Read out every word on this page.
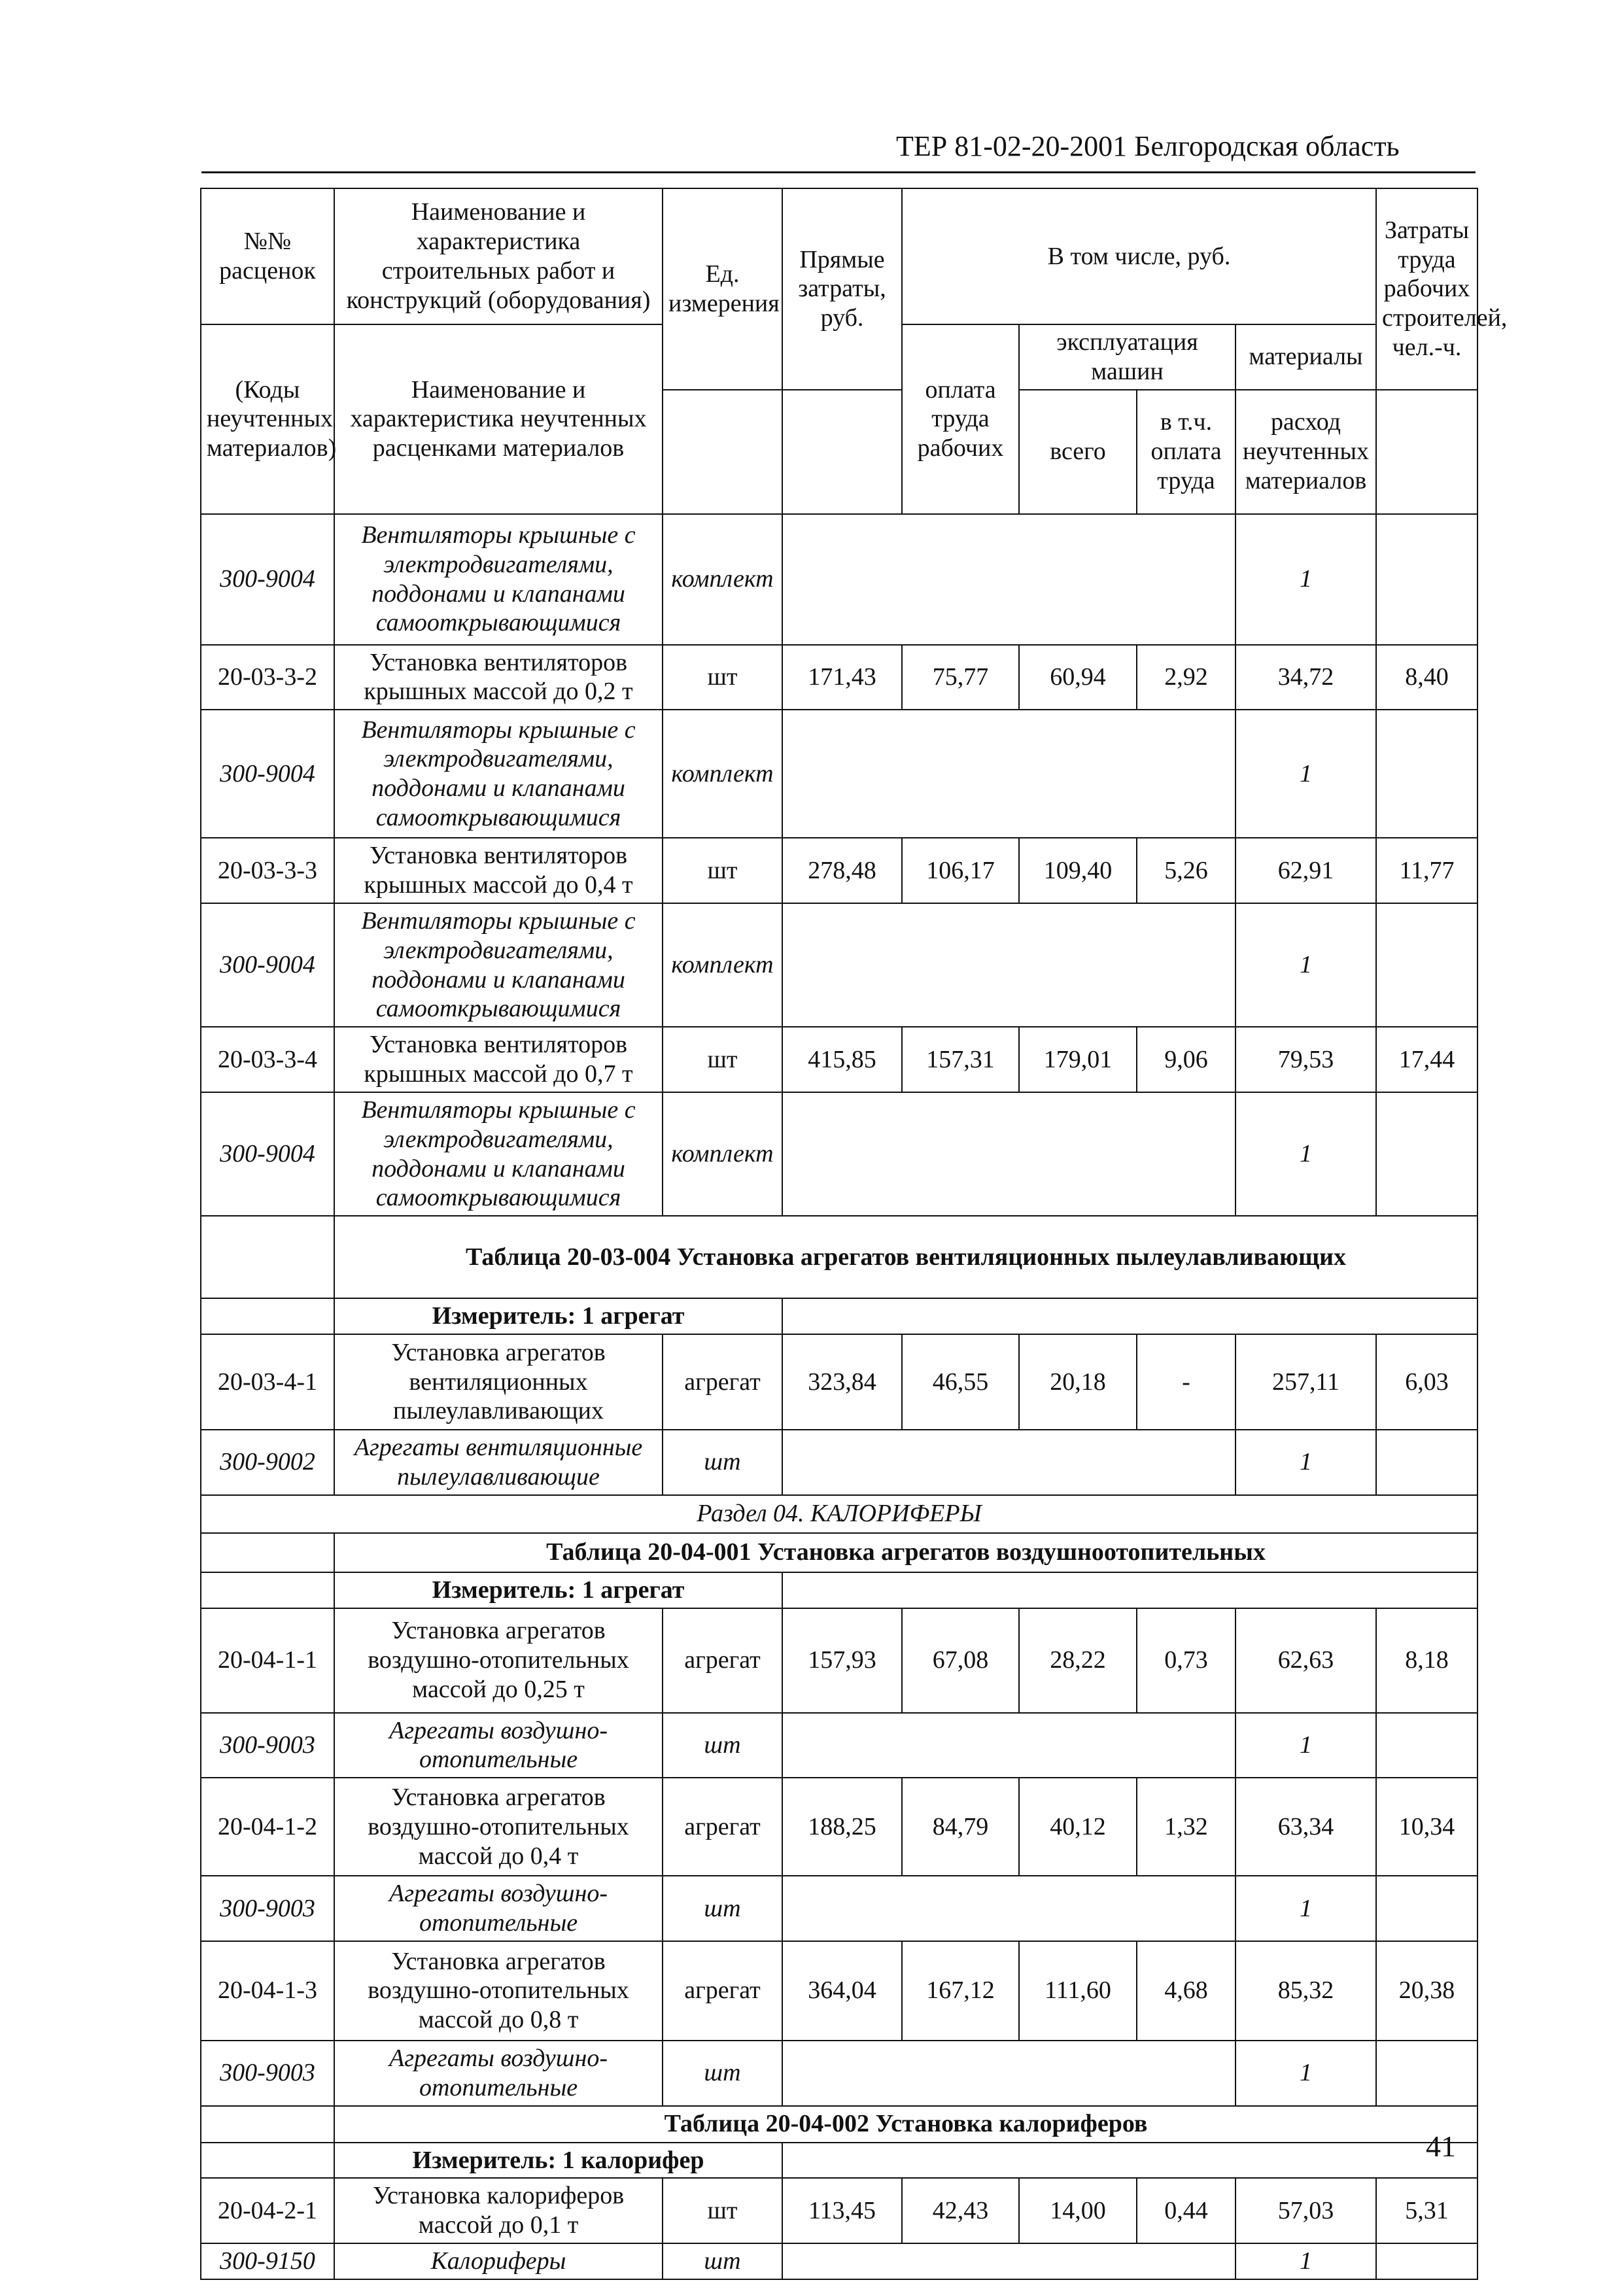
ТЕР 81-02-20-2001 Белгородская область
№№ расценок	Наименование и характеристика строительных работ и конструкций (оборудования)	Ед. измерения	Прямые затраты, руб.	В том числе, руб.				Затраты труда рабочих строителей, чел.-ч.
(Коды неучтенных материалов)	Наименование и характеристика неучтенных расценками материалов			оплата труда рабочих	эксплуатация машин		материалы	
					всего	в т.ч. оплата труда	расход неучтенных материалов	
300-9004	Вентиляторы крышные с электродвигателями, поддонами и клапанами самооткрывающимися	комплект					1	
20-03-3-2	Установка вентиляторов крышных массой до 0,2 т	шт	171,43	75,77	60,94	2,92	34,72	8,40
300-9004	Вентиляторы крышные с электродвигателями, поддонами и клапанами самооткрывающимися	комплект					1	
20-03-3-3	Установка вентиляторов крышных массой до 0,4 т	шт	278,48	106,17	109,40	5,26	62,91	11,77
300-9004	Вентиляторы крышные с электродвигателями, поддонами и клапанами самооткрывающимися	комплект					1	
20-03-3-4	Установка вентиляторов крышных массой до 0,7 т	шт	415,85	157,31	179,01	9,06	79,53	17,44
300-9004	Вентиляторы крышные с электродвигателями, поддонами и клапанами самооткрывающимися	комплект					1	
	Таблица 20-03-004 Установка агрегатов вентиляционных пылеулавливающих							
	Измеритель: 1 агрегат							
20-03-4-1	Установка агрегатов вентиляционных пылеулавливающих	агрегат	323,84	46,55	20,18	-	257,11	6,03
300-9002	Агрегаты вентиляционные пылеулавливающие	шт					1	
Раздел 04. КАЛОРИФЕРЫ								
	Таблица 20-04-001 Установка агрегатов воздушноотопительных							
	Измеритель: 1 агрегат							
20-04-1-1	Установка агрегатов воздушно-отопительных массой до 0,25 т	агрегат	157,93	67,08	28,22	0,73	62,63	8,18
300-9003	Агрегаты воздушно-отопительные	шт					1	
20-04-1-2	Установка агрегатов воздушно-отопительных массой до 0,4 т	агрегат	188,25	84,79	40,12	1,32	63,34	10,34
300-9003	Агрегаты воздушно-отопительные	шт					1	
20-04-1-3	Установка агрегатов воздушно-отопительных массой до 0,8 т	агрегат	364,04	167,12	111,60	4,68	85,32	20,38
300-9003	Агрегаты воздушно-отопительные	шт					1	
	Таблица 20-04-002 Установка калориферов							
	Измеритель: 1 калорифер							
20-04-2-1	Установка калориферов массой до 0,1 т	шт	113,45	42,43	14,00	0,44	57,03	5,31
300-9150	Калориферы	шт					1	
41
